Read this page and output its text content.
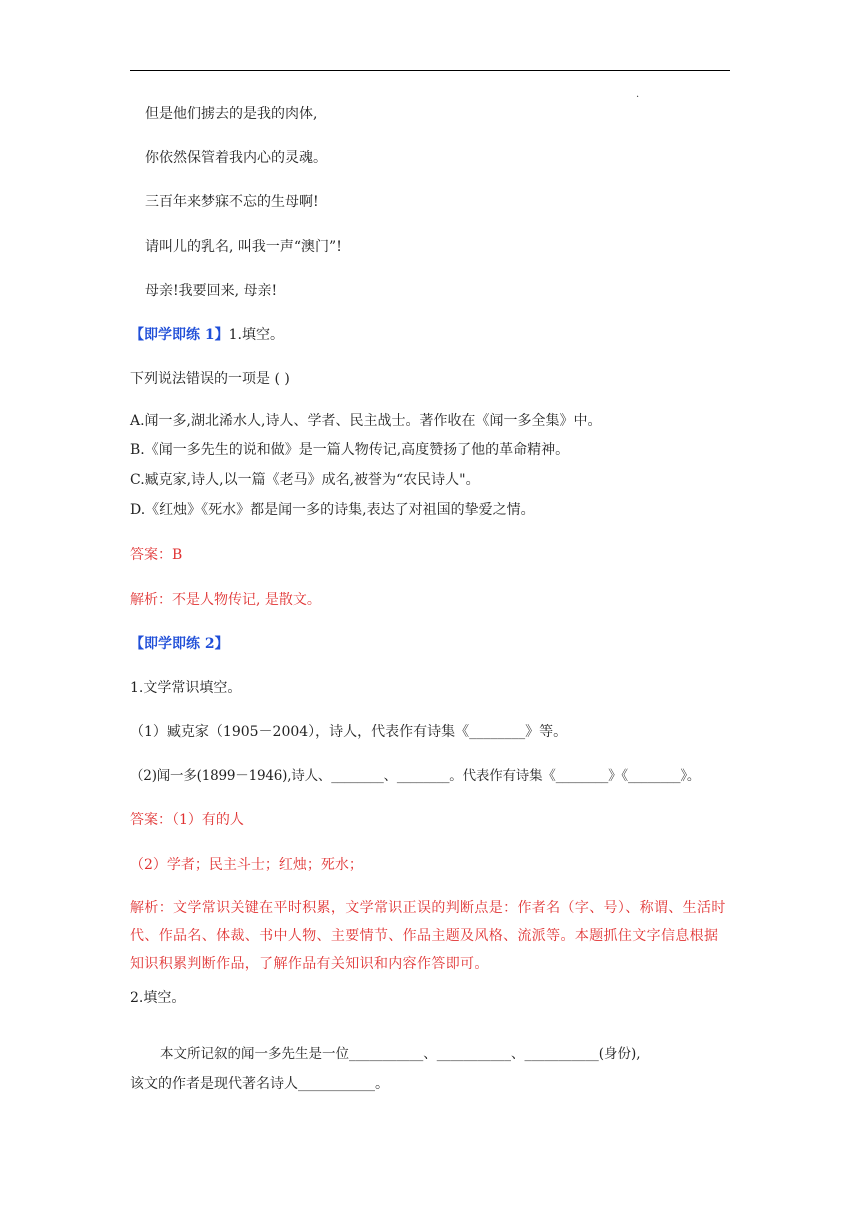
·
但是他们掳去的是我的肉体,
你依然保管着我内心的灵魂。
三百年来梦寐不忘的生母啊!
请叫儿的乳名, 叫我一声“澳门”!
母亲!我要回来, 母亲!
【即学即练 1】1.填空。
下列说法错误的一项是 ( )
A.闻一多,湖北浠水人,诗人、学者、民主战士。著作收在《闻一多全集》中。
B.《闻一多先生的说和做》是一篇人物传记,高度赞扬了他的革命精神。
C.臧克家,诗人,以一篇《老马》成名,被誉为“农民诗人"。
D.《红烛》《死水》都是闻一多的诗集,表达了对祖国的挚爱之情。
答案：B
解析：不是人物传记, 是散文。
【即学即练 2】
1.文学常识填空。
（1）臧克家（1905－2004），诗人，代表作有诗集《________》等。
（2)闻一多(1899－1946),诗人、________、________。代表作有诗集《________》《________》。
答案：（1）有的人
（2）学者；民主斗士；红烛；死水；
解析：文学常识关键在平时积累，文学常识正误的判断点是：作者名（字、号）、称谓、生活时代、作品名、体裁、书中人物、主要情节、作品主题及风格、流派等。本题抓住文字信息根据知识积累判断作品，了解作品有关知识和内容作答即可。
2.填空。
本文所记叙的闻一多先生是一位___________、___________、___________(身份),
该文的作者是现代著名诗人___________。
